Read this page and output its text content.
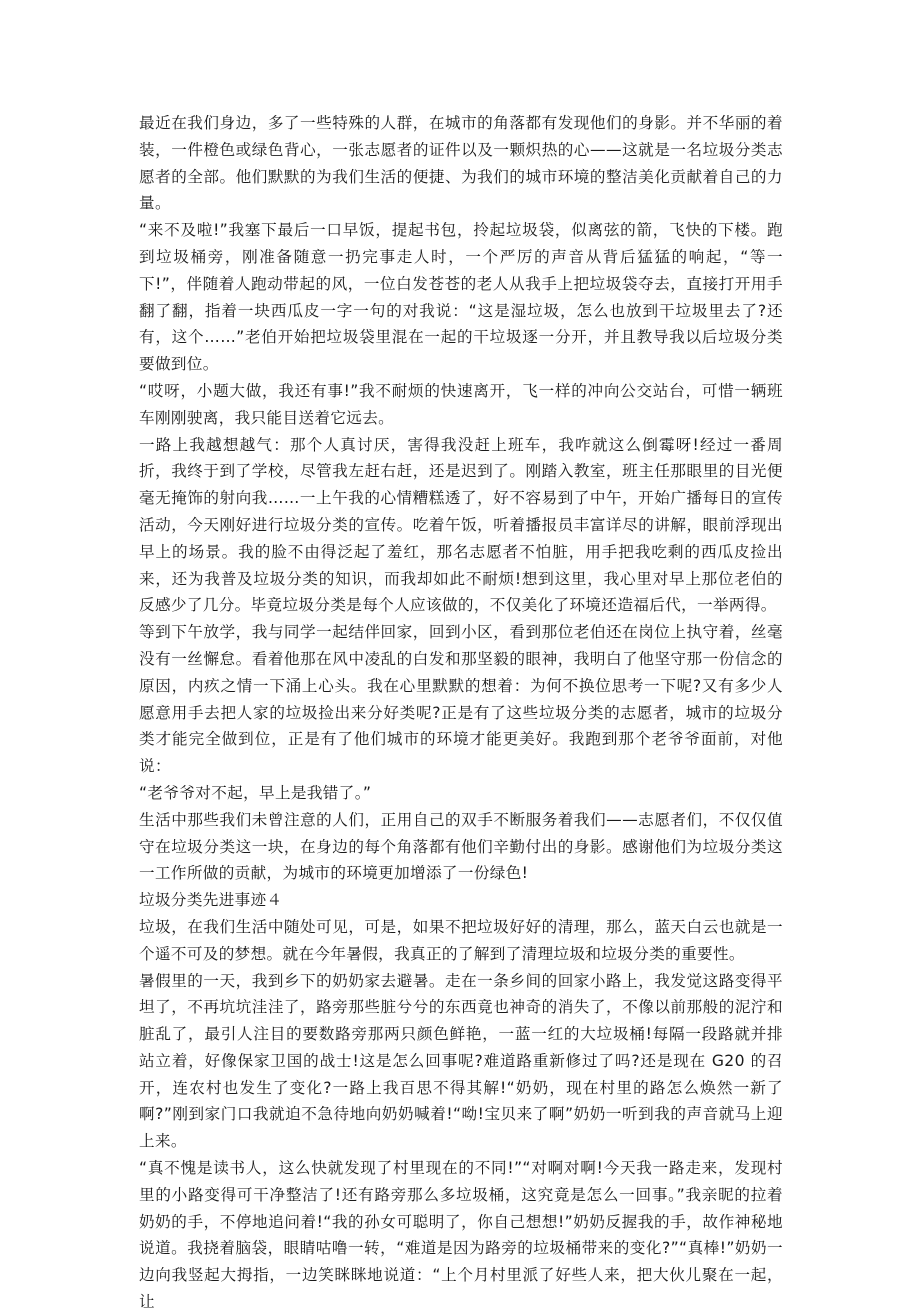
最近在我们身边，多了一些特殊的人群，在城市的角落都有发现他们的身影。并不华丽的着装，一件橙色或绿色背心，一张志愿者的证件以及一颗炽热的心——这就是一名垃圾分类志愿者的全部。他们默默的为我们生活的便捷、为我们的城市环境的整洁美化贡献着自己的力量。

“来不及啦!”我塞下最后一口早饭，提起书包，拎起垃圾袋，似离弦的箭，飞快的下楼。跑到垃圾桶旁，刚准备随意一扔完事走人时，一个严厉的声音从背后猛猛的响起，“等一下!”，伴随着人跑动带起的风，一位白发苍苍的老人从我手上把垃圾袋夺去，直接打开用手翻了翻，指着一块西瓜皮一字一句的对我说：“这是湿垃圾，怎么也放到干垃圾里去了?还有，这个……”老伯开始把垃圾袋里混在一起的干垃圾逐一分开，并且教导我以后垃圾分类要做到位。

“哎呀，小题大做，我还有事!”我不耐烦的快速离开，飞一样的冲向公交站台，可惜一辆班车刚刚驶离，我只能目送着它远去。

一路上我越想越气：那个人真讨厌，害得我没赶上班车，我咋就这么倒霉呀!经过一番周折，我终于到了学校，尽管我左赶右赶，还是迟到了。刚踏入教室，班主任那眼里的目光便毫无掩饰的射向我……一上午我的心情糟糕透了，好不容易到了中午，开始广播每日的宣传活动，今天刚好进行垃圾分类的宣传。吃着午饭，听着播报员丰富详尽的讲解，眼前浮现出早上的场景。我的脸不由得泛起了羞红，那名志愿者不怕脏，用手把我吃剩的西瓜皮捡出来，还为我普及垃圾分类的知识，而我却如此不耐烦!想到这里，我心里对早上那位老伯的反感少了几分。毕竟垃圾分类是每个人应该做的，不仅美化了环境还造福后代，一举两得。

等到下午放学，我与同学一起结伴回家，回到小区，看到那位老伯还在岗位上执守着，丝毫没有一丝懈怠。看着他那在风中凌乱的白发和那坚毅的眼神，我明白了他坚守那一份信念的原因，内疚之情一下涌上心头。我在心里默默的想着：为何不换位思考一下呢?又有多少人愿意用手去把人家的垃圾捡出来分好类呢?正是有了这些垃圾分类的志愿者，城市的垃圾分类才能完全做到位，正是有了他们城市的环境才能更美好。我跑到那个老爷爷面前，对他说：

“老爷爷对不起，早上是我错了。”

生活中那些我们未曾注意的人们，正用自己的双手不断服务着我们——志愿者们，不仅仅值守在垃圾分类这一块，在身边的每个角落都有他们辛勤付出的身影。感谢他们为垃圾分类这一工作所做的贡献，为城市的环境更加增添了一份绿色!

垃圾分类先进事迹４

垃圾，在我们生活中随处可见，可是，如果不把垃圾好好的清理，那么，蓝天白云也就是一个遥不可及的梦想。就在今年暑假，我真正的了解到了清理垃圾和垃圾分类的重要性。

暑假里的一天，我到乡下的奶奶家去避暑。走在一条乡间的回家小路上，我发觉这路变得平坦了，不再坑坑洼洼了，路旁那些脏兮兮的东西竟也神奇的消失了，不像以前那般的泥泞和脏乱了，最引人注目的要数路旁那两只颜色鲜艳，一蓝一红的大垃圾桶!每隔一段路就并排站立着，好像保家卫国的战士!这是怎么回事呢?难道路重新修过了吗?还是现在 G20 的召开，连农村也发生了变化?一路上我百思不得其解!“奶奶，现在村里的路怎么焕然一新了啊?”刚到家门口我就迫不急待地向奶奶喊着!“呦!宝贝来了啊”奶奶一听到我的声音就马上迎上来。

“真不愧是读书人，这么快就发现了村里现在的不同!”“对啊对啊!今天我一路走来，发现村里的小路变得可干净整洁了!还有路旁那么多垃圾桶，这究竟是怎么一回事。”我亲昵的拉着奶奶的手，不停地追问着!“我的孙女可聪明了，你自己想想!”奶奶反握我的手，故作神秘地说道。我挠着脑袋，眼睛咕噜一转，“难道是因为路旁的垃圾桶带来的变化?”“真棒!”奶奶一边向我竖起大拇指，一边笑眯眯地说道：“上个月村里派了好些人来，把大伙儿聚在一起，让
